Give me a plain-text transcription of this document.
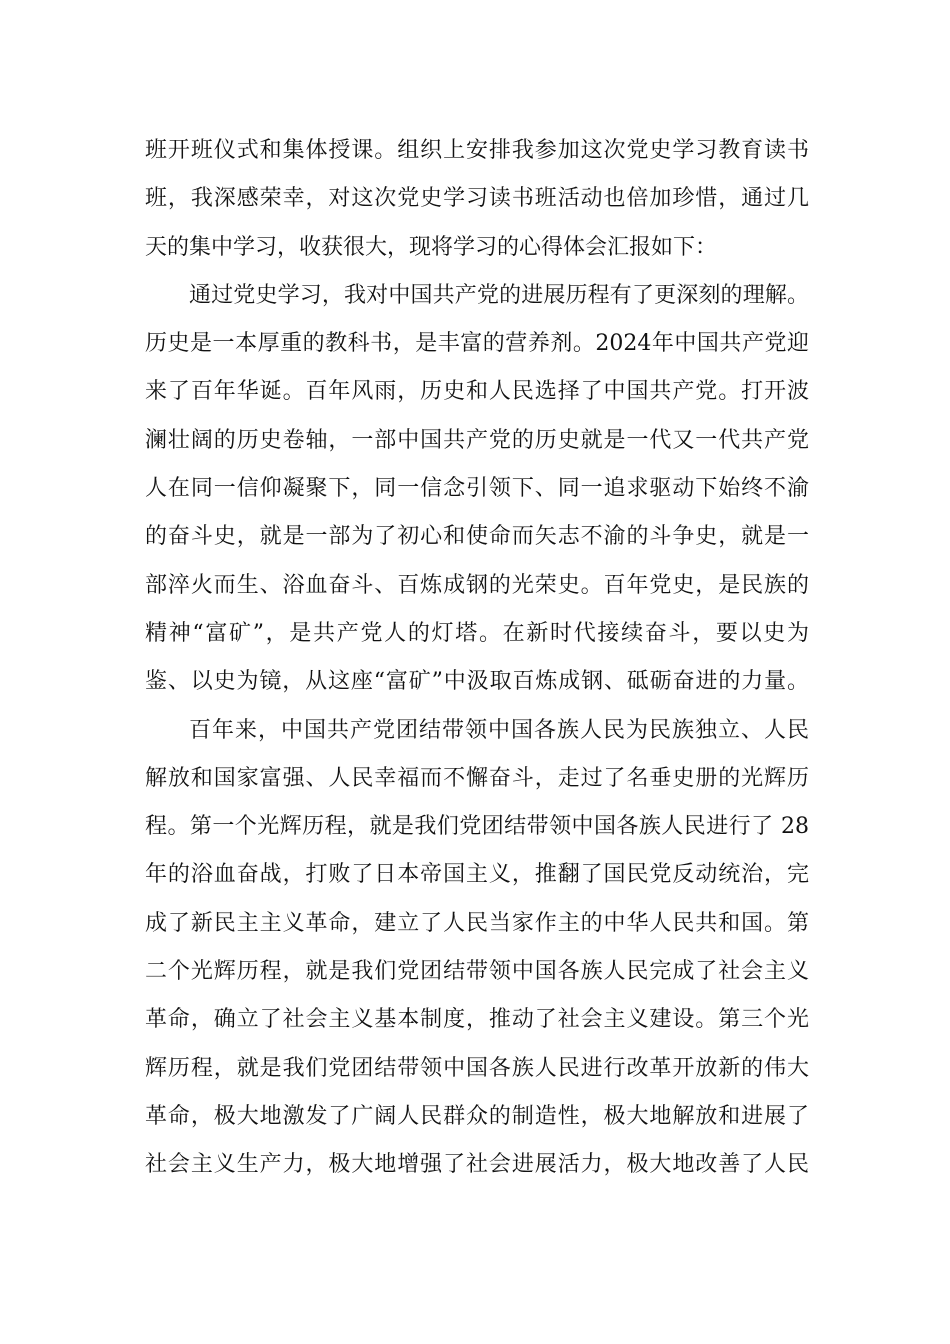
班开班仪式和集体授课。组织上安排我参加这次党史学习教育读书
班，我深感荣幸，对这次党史学习读书班活动也倍加珍惜，通过几
天的集中学习，收获很大，现将学习的心得体会汇报如下：
通过党史学习，我对中国共产党的进展历程有了更深刻的理解。
历史是一本厚重的教科书，是丰富的营养剂。2024年中国共产党迎
来了百年华诞。百年风雨，历史和人民选择了中国共产党。打开波
澜壮阔的历史卷轴，一部中国共产党的历史就是一代又一代共产党
人在同一信仰凝聚下，同一信念引领下、同一追求驱动下始终不渝
的奋斗史，就是一部为了初心和使命而矢志不渝的斗争史，就是一
部淬火而生、浴血奋斗、百炼成钢的光荣史。百年党史，是民族的
精神“富矿”，是共产党人的灯塔。在新时代接续奋斗，要以史为
鉴、以史为镜，从这座“富矿”中汲取百炼成钢、砥砺奋进的力量。
百年来，中国共产党团结带领中国各族人民为民族独立、人民
解放和国家富强、人民幸福而不懈奋斗，走过了名垂史册的光辉历
程。第一个光辉历程，就是我们党团结带领中国各族人民进行了 28
年的浴血奋战，打败了日本帝国主义，推翻了国民党反动统治，完
成了新民主主义革命，建立了人民当家作主的中华人民共和国。第
二个光辉历程，就是我们党团结带领中国各族人民完成了社会主义
革命，确立了社会主义基本制度，推动了社会主义建设。第三个光
辉历程，就是我们党团结带领中国各族人民进行改革开放新的伟大
革命，极大地激发了广阔人民群众的制造性，极大地解放和进展了
社会主义生产力，极大地增强了社会进展活力，极大地改善了人民
